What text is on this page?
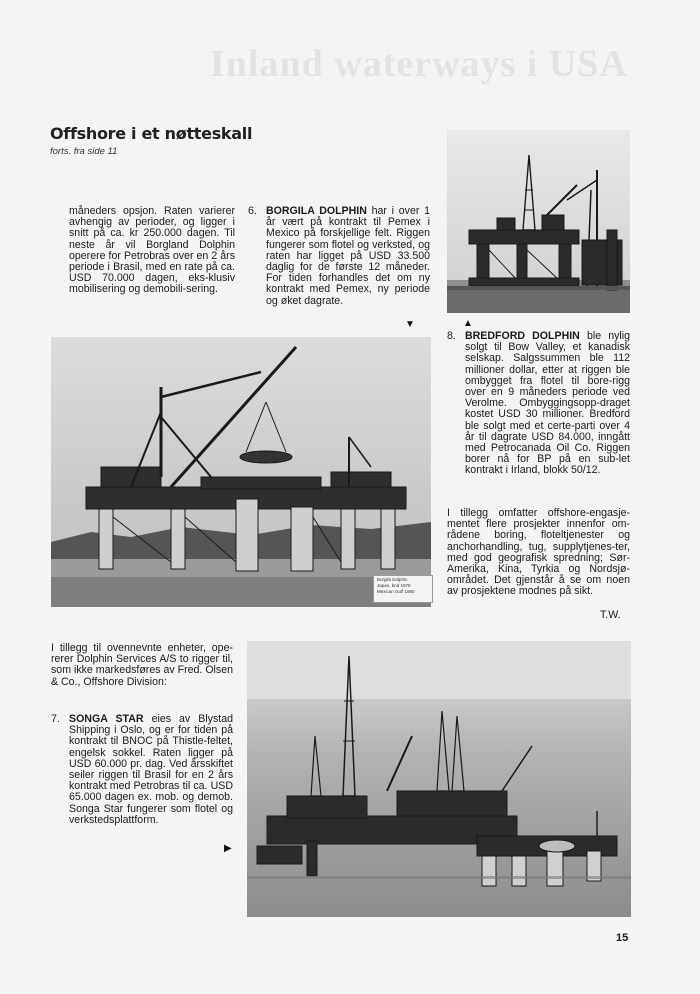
Inland waterways i USA
Offshore i et nøtteskall
forts. fra side 11

måneders opsjon. Raten varierer avhengig av perioder, og ligger i snitt på ca. kr 250.000 dagen. Til neste år vil Borgland Dolphin operere for Petrobras over en 2 års periode i Brasil, med en rate på ca. USD 70.000 dagen, eks-klusiv mobilisering og demobili-sering.

6. BORGILA DOLPHIN har i over 1 år vært på kontrakt til Pemex i Mexico på forskjellige felt. Riggen fungerer som flotel og verksted, og raten har ligget på USD 33.500 daglig for de første 12 måneder. For tiden forhandles det om ny kontrakt med Pemex, ny periode og øket dagrate.
▼
Borgila Dolphin
Japan, bnd 1978
Mexican Gulf 1980
▲
8. BREDFORD DOLPHIN ble nylig solgt til Bow Valley, et kanadisk selskap. Salgssummen ble 112 millioner dollar, etter at riggen ble ombygget fra flotel til bore-rigg over en 9 måneders periode ved Verolme. Ombyggingsopp-draget kostet USD 30 millioner. Bredford ble solgt med et certe-parti over 4 år til dagrate USD 84.000, inngått med Petrocanada Oil Co. Riggen borer nå for BP på en sub-let kontrakt i Irland, blokk 50/12.

I tillegg omfatter offshore-engasje-mentet flere prosjekter innenfor om-rådene boring, floteltjenester og anchorhandling, tug, supplytjenes-ter, med god geografisk spredning; Sør-Amerika, Kina, Tyrkia og Nordsjø-området. Det gjenstår å se om noen av prosjektene modnes på sikt.

T.W.

I tillegg til ovennevnte enheter, ope-rerer Dolphin Services A/S to rigger til, som ikke markedsføres av Fred. Olsen & Co., Offshore Division:

7. SONGA STAR eies av Blystad Shipping i Oslo, og er for tiden på kontrakt til BNOC på Thistle-feltet, engelsk sokkel. Raten ligger på USD 60.000 pr. dag. Ved årsskiftet seiler riggen til Brasil for en 2 års kontrakt med Petrobras til ca. USD 65.000 dagen ex. mob. og demob. Songa Star fungerer som flotel og verkstedsplattform.
▶
15
